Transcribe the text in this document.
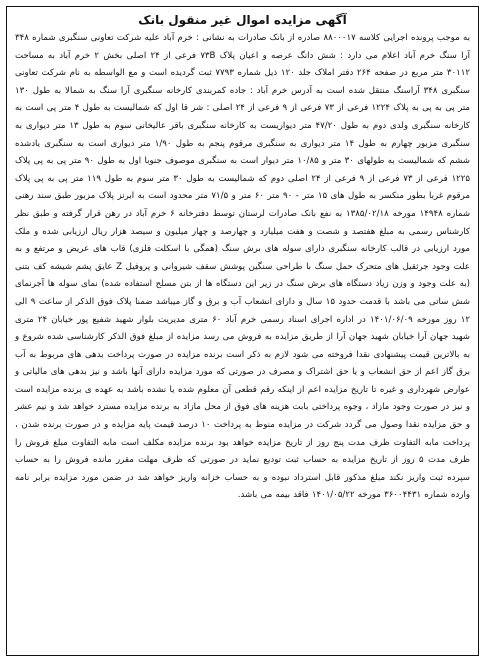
آگهی مزایده اموال غیر منقول بانک

به موجب پرونده اجرایی کلاسه ۸۸۰۰۰۱۷ صادره از بانک صادرات به نشانی : خرم آباد علیه شرکت تعاونی سنگبری شماره ۳۴۸ آرا سنگ خرم آباد اعلام می دارد : شش دانگ عرصه و اعیان پلاک ۷۳B فرعی از ۲۴ اصلی بخش ۲ خرم آباد به مساحت ۳۰۱۱۲ متر مربع در صفحه ۲۶۴ دفتر املاک جلد ۱۲۰ ذیل شماره ۷۷۹۳ ثبت گردیده است و مع الواسطه به نام شرکت تعاونی سنگبری ۳۴۸ آراسنگ منتقل شده است به آدرس خرم آباد : جاده کمربندی کارخانه سنگبری آرا سنگ به شمالا به طول ۱۳۰ متر پی به پی به پلاک ۱۲۲۴ فرعی از ۷۳ فرعی از ۹ فرعی از ۲۴ اصلی : شر قا اول که شمالیست به طول ۴ متر پی است به کارخانه سنگبری ولدی دوم به طول ۴۷/۲۰ متر دیواریست به کارخانه سنگبری باقر عالیخانی سوم به طول ۱۳ متر دیواری به سنگبری مزبور چهارم به طول ۱۴ متر دیواری به سنگبری مرقوم پنجم به طول ۱/۹۰ متر دیواری است به سنگبری یادشده ششم که شمالیست به طولهای ۳۰ متر و ۱۰/۸۵ متر دیوار است به سنگبری موصوف جنوبا اول به طول ۹۰ متر پی به پی پلاک ۱۲۲۵ فرعی از ۷۳ فرعی از ۹ فرعی از ۲۴ اصلی دوم که شمالیست به طول ۳۰ متر سوم به طول ۱۱۹ متر پی به پی پلاک مرقوم غربا بطور منکسر به طول های ۱۵ متر - ۹۰ متر ۶۰ متر و ۷۱/۵ متر محدود است به ابرنز پلاک مزبور طبق سند رهنی شماره ۱۴۹۴۸ مورخه ۱۳۸۵/۰۲/۱۸ به نفع بانک صادرات لرستان توسط دفترخانه ۶ خرم آباد در رهن قرار گرفته و طبق نظر کارشناس رسمی به مبلغ هفتصد و شصت و هفت میلیارد و چهارصد و چهار میلیون و سیصد هزار ریال ارزیابی شده و ملک مورد ارزیابی در قالب کارخانه سنگبری دارای سوله های برش سنگ (همگی با اسکلت فلزی) قاب های عریض و مرتفع و به علت وجود جرثقیل های متحرک حمل سنگ با طراحی سنگین پوشش سقف شیروانی و پروفیل Z عایق پشم شیشه کف بتنی (به علت وجود و وزن زیاد دستگاه های برش سنگ در زیر این دستگاه ها از بتن مسلح استفاده شده) نمای سوله ها آجرنمای شش ساتی می باشد با قدمت حدود ۱۵ سال و دارای انشعاب آب و برق و گاز میباشد ضمنا پلاک فوق الذکر از ساعت ۹ الی ۱۲ روز مورخه ۱۴۰۱/۰۶/۰۹ در اداره اجرای اسناد رسمی خرم آباد ۶۰ متری مدیریت بلوار شهید شفیع پور خیابان ۲۴ متری شهید جهان آرا خیابان شهید جهان آرا از طریق مزایده به فروش می رسد مزایده از مبلغ فوق الذکر کارشناسی شده شروع و به بالاترین قیمت پیشنهادی نقدا فروخته می شود لازم به ذکر است برنده مزایده در صورت پرداخت بدهی های مربوط به آب برق گاز اعم از حق انشعاب و یا حق اشتراک و مصرف در صورتی که مورد مزایده دارای آنها باشد و نیز بدهی های مالیاتی و عوارض شهرداری و غیره تا تاریخ مزایده اعم از اینکه رقم قطعی آن معلوم شده یا نشده باشد به عهده ی برنده مزایده است و نیز در صورت وجود مازاد ، وجوه پرداختی بابت هزینه های فوق از محل مازاد به برنده مزایده مسترد خواهد شد و نیم عشر و حق مزایده نقدا وصول می گردد شرکت در مزایده منوط به پرداخت ۱۰ درصد قیمت پایه مزایده و در صورت برنده شدن ، پرداخت مابه التفاوت ظرف مدت پنج روز از تاریخ مزایده خواهد بود برنده مزایده مکلف است مابه التفاوت مبلغ فروش را ظرف مدت ۵ روز از تاریخ مزایده به حساب ثبت تودیع نماید در صورتی که ظرف مهلت مقرر مانده فروش را به حساب سپرده ثبت واریز نکند مبلغ مذکور قابل استرداد نبوده و به حساب خزانه واریز خواهد شد در ضمن مورد مزایده برابر نامه وارده شماره ۳۶۰۰۴۴۳۱ مورخه ۱۴۰۱/۰۵/۲۲ فاقد بیمه می باشد.
